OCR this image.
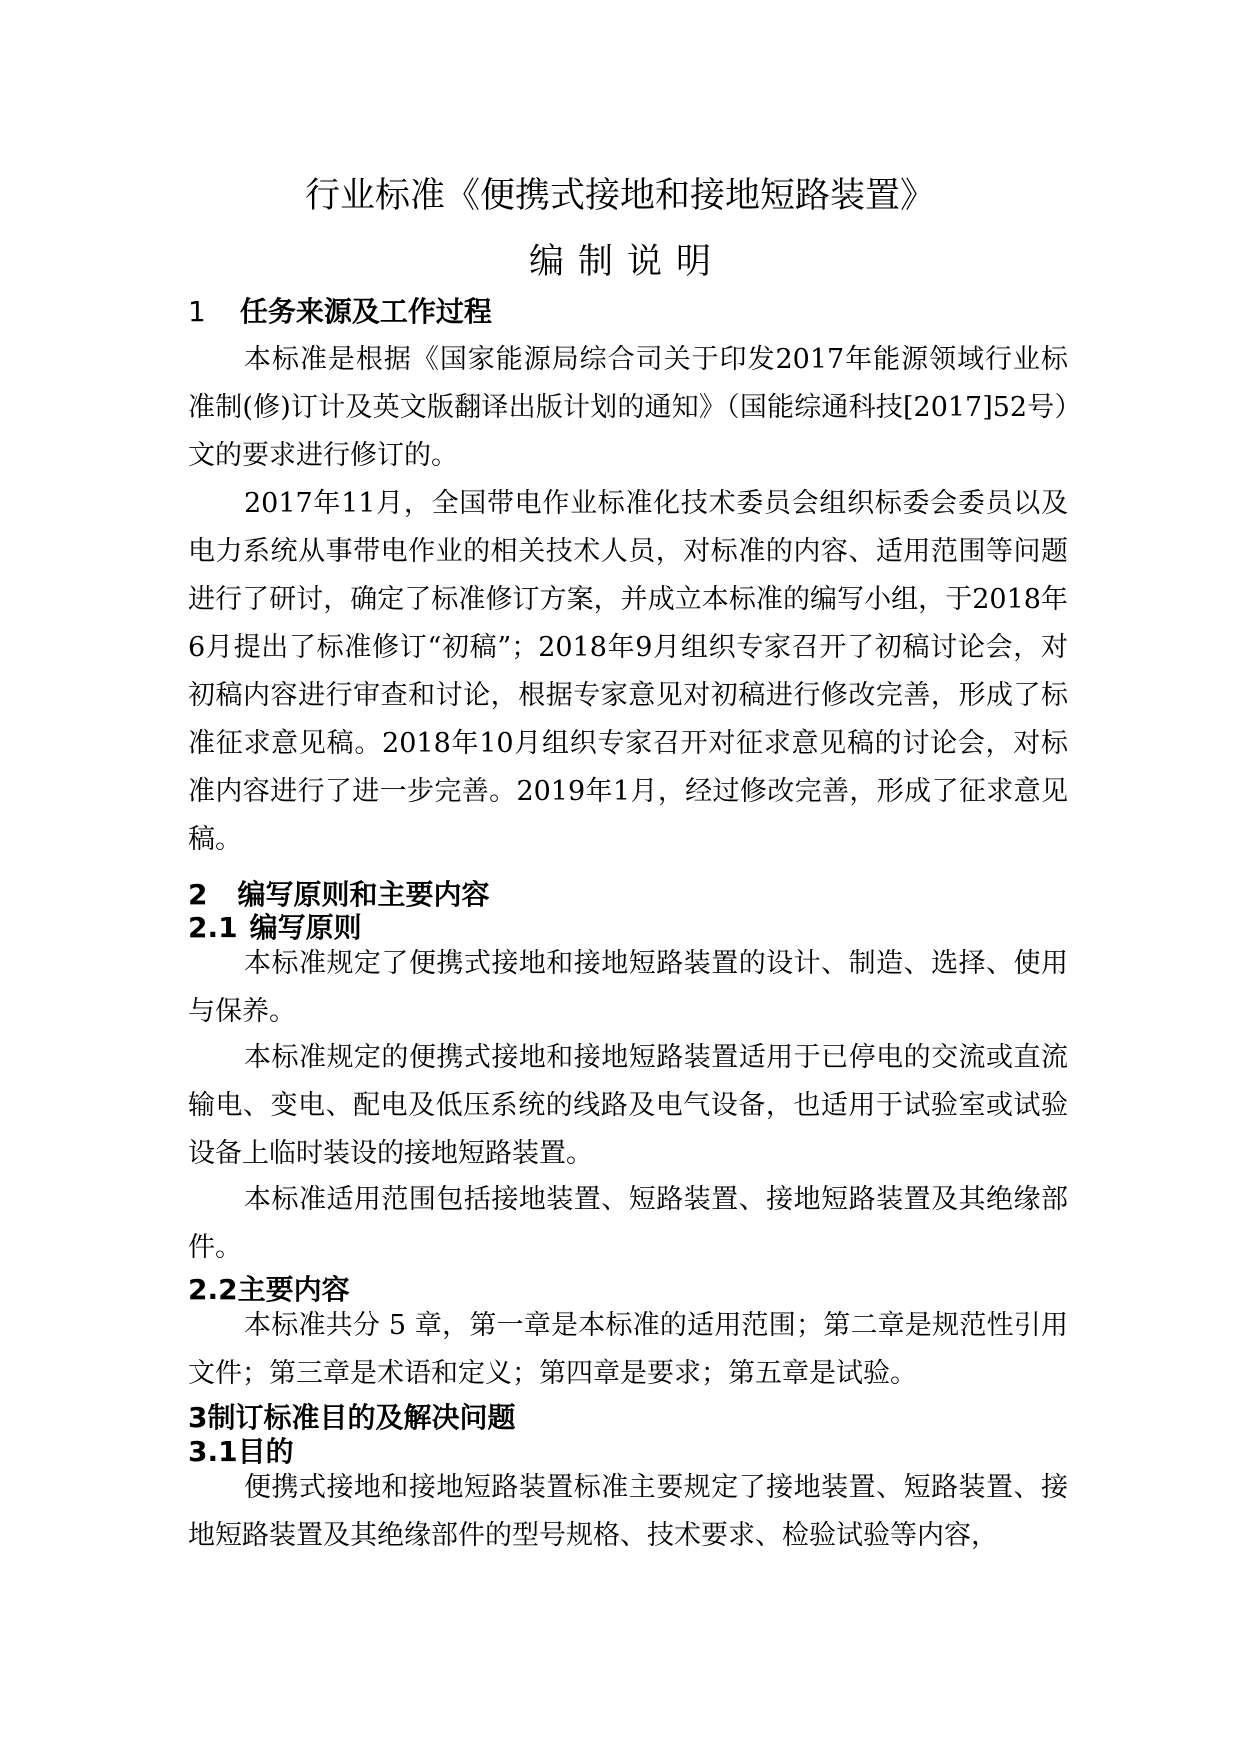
行业标准《便携式接地和接地短路装置》
编制说明
1 任务来源及工作过程

本标准是根据《国家能源局综合司关于印发2017年能源领域行业标准制(修)订计及英文版翻译出版计划的通知》（国能综通科技[2017]52号）文的要求进行修订的。

2017年11月，全国带电作业标准化技术委员会组织标委会委员以及电力系统从事带电作业的相关技术人员，对标准的内容、适用范围等问题进行了研讨，确定了标准修订方案，并成立本标准的编写小组，于2018年6月提出了标准修订“初稿”；2018年9月组织专家召开了初稿讨论会，对初稿内容进行审查和讨论，根据专家意见对初稿进行修改完善，形成了标准征求意见稿。2018年10月组织专家召开对征求意见稿的讨论会，对标准内容进行了进一步完善。2019年1月，经过修改完善，形成了征求意见稿。

2 编写原则和主要内容
2.1 编写原则

本标准规定了便携式接地和接地短路装置的设计、制造、选择、使用与保养。

本标准规定的便携式接地和接地短路装置适用于已停电的交流或直流输电、变电、配电及低压系统的线路及电气设备，也适用于试验室或试验设备上临时装设的接地短路装置。

本标准适用范围包括接地装置、短路装置、接地短路装置及其绝缘部件。

2.2主要内容

本标准共分 5 章，第一章是本标准的适用范围；第二章是规范性引用文件；第三章是术语和定义；第四章是要求；第五章是试验。

3制订标准目的及解决问题
3.1目的

便携式接地和接地短路装置标准主要规定了接地装置、短路装置、接地短路装置及其绝缘部件的型号规格、技术要求、检验试验等内容，
